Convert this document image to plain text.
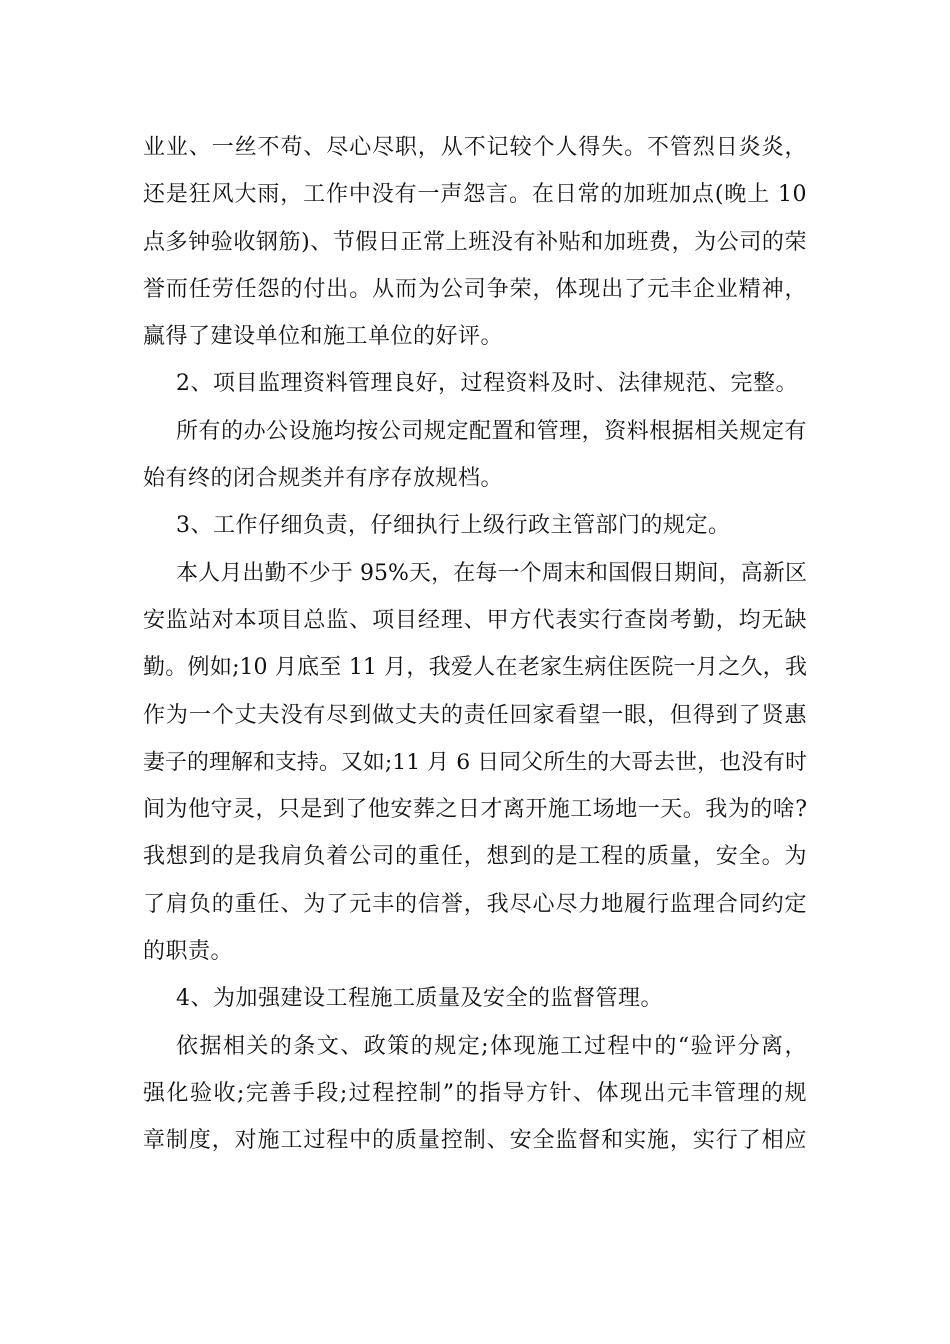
业业、一丝不苟、尽心尽职，从不记较个人得失。不管烈日炎炎，
还是狂风大雨，工作中没有一声怨言。在日常的加班加点(晚上 10
点多钟验收钢筋)、节假日正常上班没有补贴和加班费，为公司的荣
誉而任劳任怨的付出。从而为公司争荣，体现出了元丰企业精神，
赢得了建设单位和施工单位的好评。
2、项目监理资料管理良好，过程资料及时、法律规范、完整。
所有的办公设施均按公司规定配置和管理，资料根据相关规定有
始有终的闭合规类并有序存放规档。
3、工作仔细负责，仔细执行上级行政主管部门的规定。
本人月出勤不少于 95%天，在每一个周末和国假日期间，高新区
安监站对本项目总监、项目经理、甲方代表实行查岗考勤，均无缺
勤。例如;10 月底至 11 月，我爱人在老家生病住医院一月之久，我
作为一个丈夫没有尽到做丈夫的责任回家看望一眼，但得到了贤惠
妻子的理解和支持。又如;11 月 6 日同父所生的大哥去世，也没有时
间为他守灵，只是到了他安葬之日才离开施工场地一天。我为的啥?
我想到的是我肩负着公司的重任，想到的是工程的质量，安全。为
了肩负的重任、为了元丰的信誉，我尽心尽力地履行监理合同约定
的职责。
4、为加强建设工程施工质量及安全的监督管理。
依据相关的条文、政策的规定;体现施工过程中的“验评分离，
强化验收;完善手段;过程控制”的指导方针、体现出元丰管理的规
章制度，对施工过程中的质量控制、安全监督和实施，实行了相应
